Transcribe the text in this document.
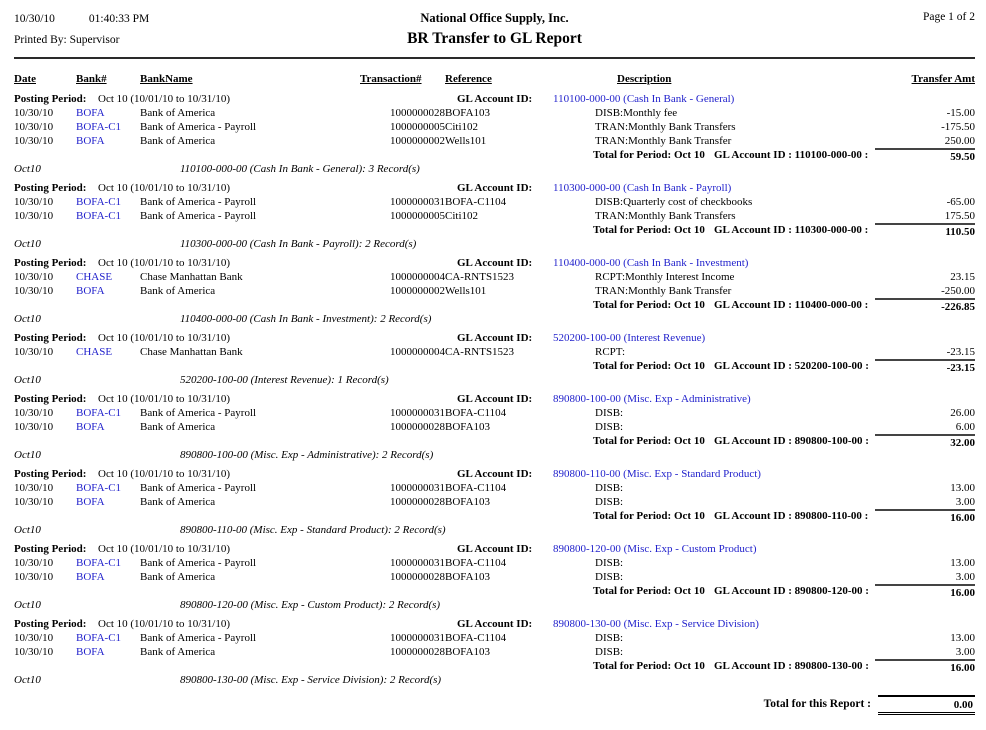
10/30/10	01:40:33 PM
Printed By: Supervisor
National Office Supply, Inc.
BR Transfer to GL Report
Page 1 of 2
Date	Bank#	BankName	Transaction#	Reference	Description	Transfer Amt
Posting Period: Oct 10 (10/01/10 to 10/31/10)	GL Account ID: 110100-000-00 (Cash In Bank - General)
10/30/10 BOFA	Bank of America	1000000028 BOFA103	DISB:Monthly fee	-15.00
10/30/10 BOFA-C1 Bank of America - Payroll	1000000005 Citi102	TRAN:Monthly Bank Transfers	-175.50
10/30/10 BOFA	Bank of America	1000000002 Wells101	TRAN:Monthly Bank Transfer	250.00
Total for Period: Oct 10 GL Account ID : 110100-000-00 :	59.50
Oct10	110100-000-00 (Cash In Bank - General): 3 Record(s)
Posting Period: Oct 10 (10/01/10 to 10/31/10)	GL Account ID: 110300-000-00 (Cash In Bank - Payroll)
10/30/10 BOFA-C1 Bank of America - Payroll	1000000031 BOFA-C1104	DISB:Quarterly cost of checkbooks	-65.00
10/30/10 BOFA-C1 Bank of America - Payroll	1000000005 Citi102	TRAN:Monthly Bank Transfers	175.50
Total for Period: Oct 10 GL Account ID : 110300-000-00 :	110.50
Oct10	110300-000-00 (Cash In Bank - Payroll): 2 Record(s)
Posting Period: Oct 10 (10/01/10 to 10/31/10)	GL Account ID: 110400-000-00 (Cash In Bank - Investment)
10/30/10 CHASE	Chase Manhattan Bank	1000000004 CA-RNTS1523	RCPT:Monthly Interest Income	23.15
10/30/10 BOFA	Bank of America	1000000002 Wells101	TRAN:Monthly Bank Transfer	-250.00
Total for Period: Oct 10 GL Account ID : 110400-000-00 :	-226.85
Oct10	110400-000-00 (Cash In Bank - Investment): 2 Record(s)
Posting Period: Oct 10 (10/01/10 to 10/31/10)	GL Account ID: 520200-100-00 (Interest Revenue)
10/30/10 CHASE	Chase Manhattan Bank	1000000004 CA-RNTS1523	RCPT:	-23.15
Total for Period: Oct 10 GL Account ID : 520200-100-00 :	-23.15
Oct10	520200-100-00 (Interest Revenue): 1 Record(s)
Posting Period: Oct 10 (10/01/10 to 10/31/10)	GL Account ID: 890800-100-00 (Misc. Exp - Administrative)
10/30/10 BOFA-C1 Bank of America - Payroll	1000000031 BOFA-C1104	DISB:	26.00
10/30/10 BOFA	Bank of America	1000000028 BOFA103	DISB:	6.00
Total for Period: Oct 10 GL Account ID : 890800-100-00 :	32.00
Oct10	890800-100-00 (Misc. Exp - Administrative): 2 Record(s)
Posting Period: Oct 10 (10/01/10 to 10/31/10)	GL Account ID: 890800-110-00 (Misc. Exp - Standard Product)
10/30/10 BOFA-C1 Bank of America - Payroll	1000000031 BOFA-C1104	DISB:	13.00
10/30/10 BOFA	Bank of America	1000000028 BOFA103	DISB:	3.00
Total for Period: Oct 10 GL Account ID : 890800-110-00 :	16.00
Oct10	890800-110-00 (Misc. Exp - Standard Product): 2 Record(s)
Posting Period: Oct 10 (10/01/10 to 10/31/10)	GL Account ID: 890800-120-00 (Misc. Exp - Custom Product)
10/30/10 BOFA-C1 Bank of America - Payroll	1000000031 BOFA-C1104	DISB:	13.00
10/30/10 BOFA	Bank of America	1000000028 BOFA103	DISB:	3.00
Total for Period: Oct 10 GL Account ID : 890800-120-00 :	16.00
Oct10	890800-120-00 (Misc. Exp - Custom Product): 2 Record(s)
Posting Period: Oct 10 (10/01/10 to 10/31/10)	GL Account ID: 890800-130-00 (Misc. Exp - Service Division)
10/30/10 BOFA-C1 Bank of America - Payroll	1000000031 BOFA-C1104	DISB:	13.00
10/30/10 BOFA	Bank of America	1000000028 BOFA103	DISB:	3.00
Total for Period: Oct 10 GL Account ID : 890800-130-00 :	16.00
Oct10	890800-130-00 (Misc. Exp - Service Division): 2 Record(s)
Total for this Report :	0.00
